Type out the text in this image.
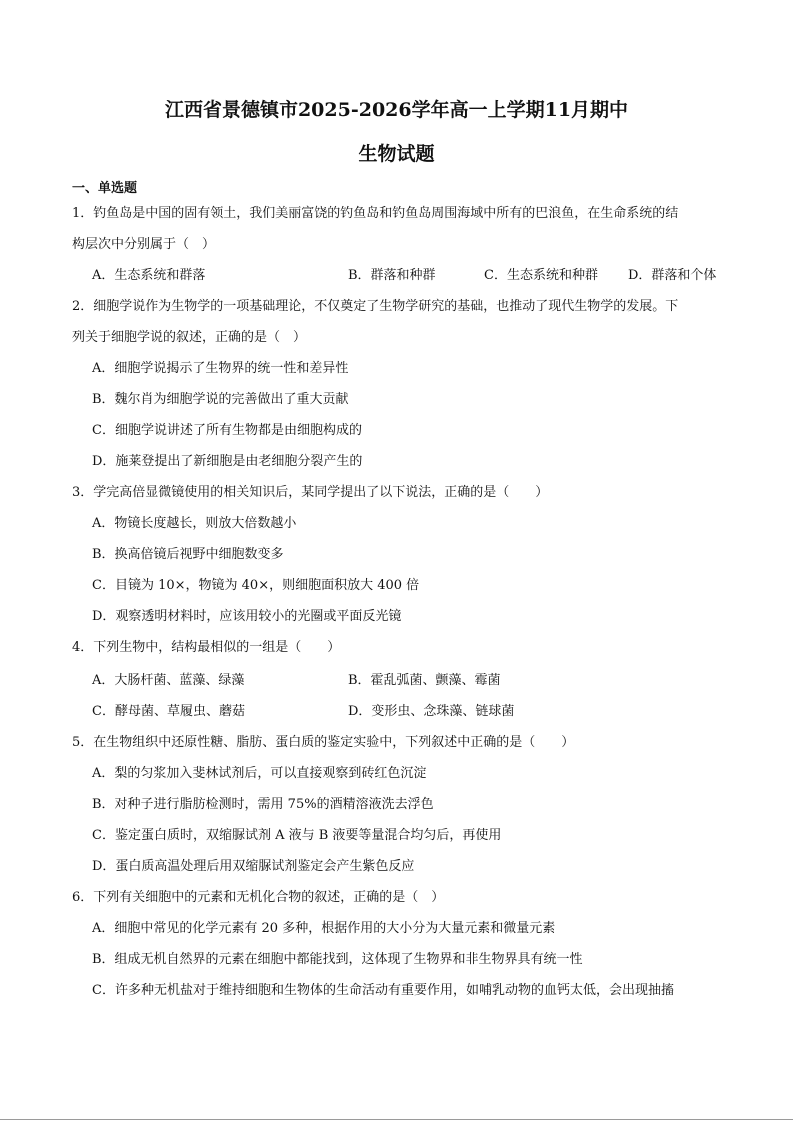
江西省景德镇市2025-2026学年高一上学期11月期中
生物试题
一、单选题
1．钓鱼岛是中国的固有领土，我们美丽富饶的钓鱼岛和钓鱼岛周围海域中所有的巴浪鱼，在生命系统的结
构层次中分别属于（　）
A．生态系统和群落	B．群落和种群	C．生态系统和种群 D．群落和个体
2．细胞学说作为生物学的一项基础理论，不仅奠定了生物学研究的基础，也推动了现代生物学的发展。下
列关于细胞学说的叙述，正确的是（　）
A．细胞学说揭示了生物界的统一性和差异性
B．魏尔肖为细胞学说的完善做出了重大贡献
C．细胞学说讲述了所有生物都是由细胞构成的
D．施莱登提出了新细胞是由老细胞分裂产生的
3．学完高倍显微镜使用的相关知识后，某同学提出了以下说法，正确的是（　　）
A．物镜长度越长，则放大倍数越小
B．换高倍镜后视野中细胞数变多
C．目镜为 10×，物镜为 40×，则细胞面积放大 400 倍
D．观察透明材料时，应该用较小的光圈或平面反光镜
4．下列生物中，结构最相似的一组是（　　）
A．大肠杆菌、蓝藻、绿藻	B．霍乱弧菌、颤藻、霉菌
C．酵母菌、草履虫、蘑菇	D．变形虫、念珠藻、链球菌
5．在生物组织中还原性糖、脂肪、蛋白质的鉴定实验中，下列叙述中正确的是（　　）
A．梨的匀浆加入斐林试剂后，可以直接观察到砖红色沉淀
B．对种子进行脂肪检测时，需用 75%的酒精溶液洗去浮色
C．鉴定蛋白质时，双缩脲试剂 A 液与 B 液要等量混合均匀后，再使用
D．蛋白质高温处理后用双缩脲试剂鉴定会产生紫色反应
6．下列有关细胞中的元素和无机化合物的叙述，正确的是（　）
A．细胞中常见的化学元素有 20 多种，根据作用的大小分为大量元素和微量元素
B．组成无机自然界的元素在细胞中都能找到，这体现了生物界和非生物界具有统一性
C．许多种无机盐对于维持细胞和生物体的生命活动有重要作用，如哺乳动物的血钙太低，会出现抽搐
